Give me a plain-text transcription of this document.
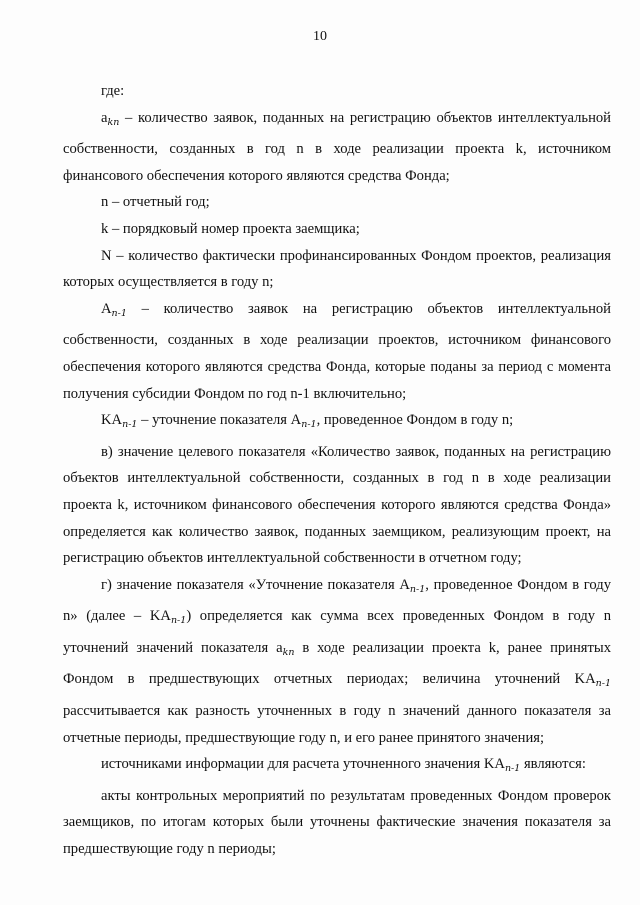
10

где:

$a_{kn}$ – количество заявок, поданных на регистрацию объектов интеллектуальной собственности, созданных в год n в ходе реализации проекта k, источником финансового обеспечения которого являются средства Фонда;

n – отчетный год;

k – порядковый номер проекта заемщика;

N – количество фактически профинансированных Фондом проектов, реализация которых осуществляется в году n;

$A_{n-1}$ – количество заявок на регистрацию объектов интеллектуальной собственности, созданных в ходе реализации проектов, источником финансового обеспечения которого являются средства Фонда, которые поданы за период с момента получения субсидии Фондом по год n-1 включительно;

$KA_{n-1}$ – уточнение показателя $A_{n-1}$, проведенное Фондом в году n;

в) значение целевого показателя «Количество заявок, поданных на регистрацию объектов интеллектуальной собственности, созданных в год n в ходе реализации проекта k, источником финансового обеспечения которого являются средства Фонда» определяется как количество заявок, поданных заемщиком, реализующим проект, на регистрацию объектов интеллектуальной собственности в отчетном году;

г) значение показателя «Уточнение показателя $A_{n-1}$, проведенное Фондом в году n» (далее – $KA_{n-1}$) определяется как сумма всех проведенных Фондом в году n уточнений значений показателя $a_{kn}$ в ходе реализации проекта k, ранее принятых Фондом в предшествующих отчетных периодах; величина уточнений $KA_{n-1}$ рассчитывается как разность уточненных в году n значений данного показателя за отчетные периоды, предшествующие году n, и его ранее принятого значения;

источниками информации для расчета уточненного значения $KA_{n-1}$ являются:

акты контрольных мероприятий по результатам проведенных Фондом проверок заемщиков, по итогам которых были уточнены фактические значения показателя за предшествующие году n периоды;
